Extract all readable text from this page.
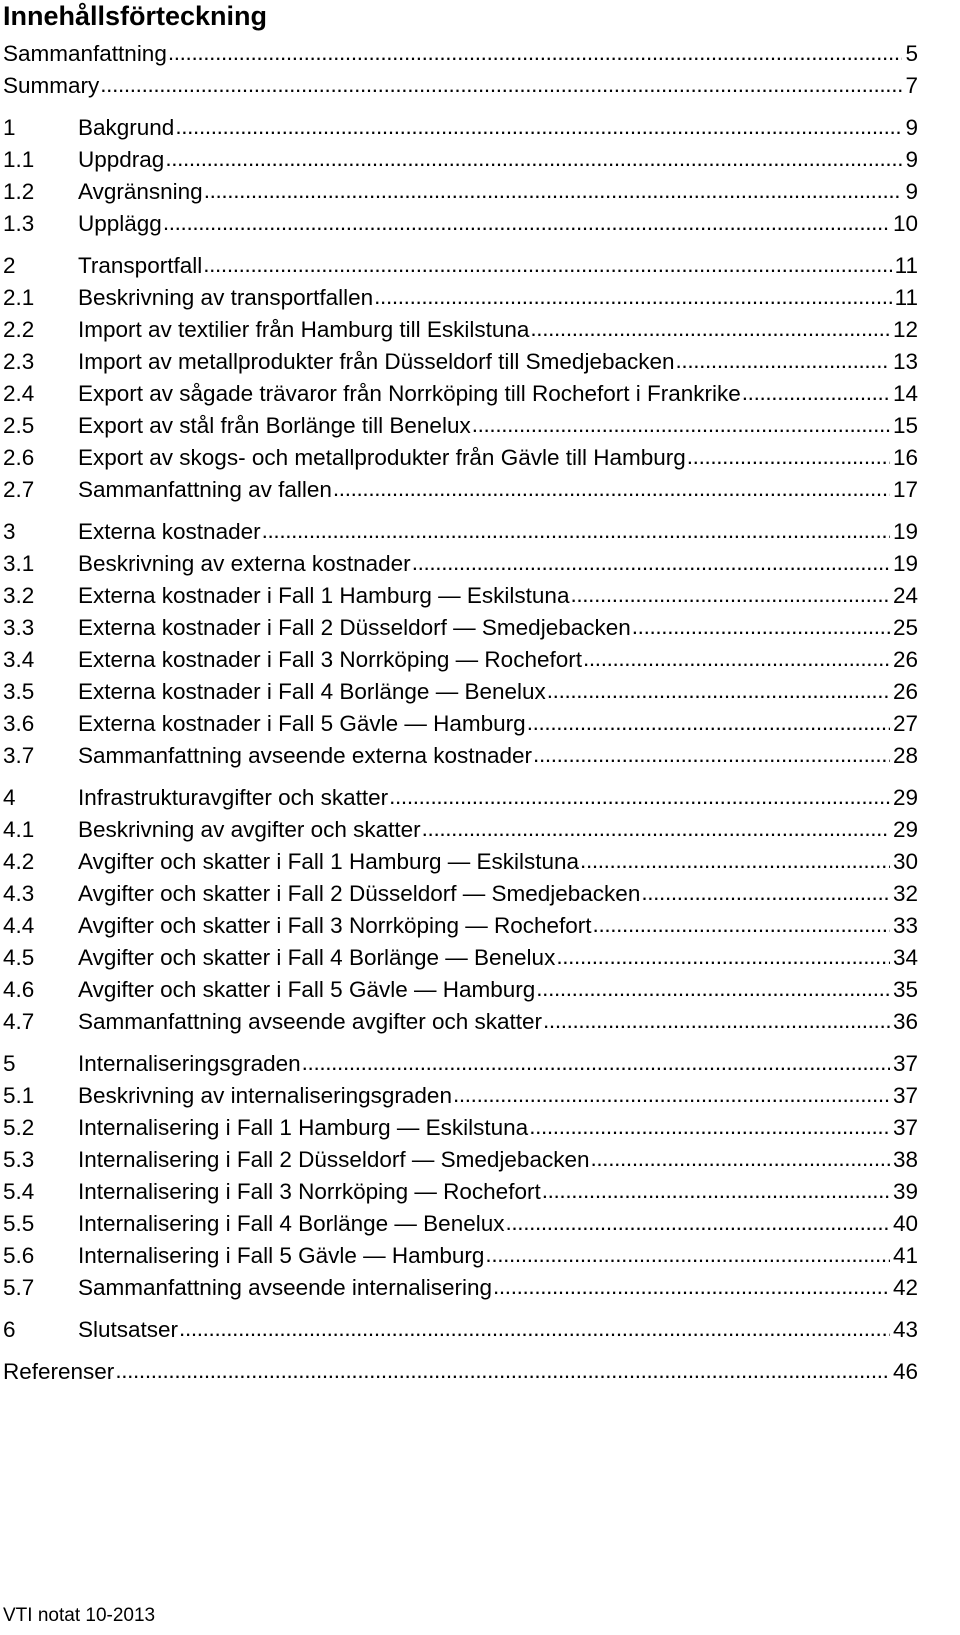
Innehållsförteckning
Sammanfattning . . .	5
Summary . . .	7
1	Bakgrund . . .	9
1.1	Uppdrag . . .	9
1.2	Avgränsning . . .	9
1.3	Upplägg . . .	10
2	Transportfall . . .	11
2.1	Beskrivning av transportfallen . . .	11
2.2	Import av textilier från Hamburg till Eskilstuna . . .	12
2.3	Import av metallprodukter från Düsseldorf till Smedjebacken . . .	13
2.4	Export av sågade trävaror från Norrköping till Rochefort i Frankrike . . .	14
2.5	Export av stål från Borlänge till Benelux . . .	15
2.6	Export av skogs- och metallprodukter från Gävle till Hamburg . . .	16
2.7	Sammanfattning av fallen . . .	17
3	Externa kostnader . . .	19
3.1	Beskrivning av externa kostnader . . .	19
3.2	Externa kostnader i Fall 1 Hamburg — Eskilstuna . . .	24
3.3	Externa kostnader i Fall 2 Düsseldorf — Smedjebacken . . .	25
3.4	Externa kostnader i Fall 3 Norrköping — Rochefort . . .	26
3.5	Externa kostnader i Fall 4 Borlänge — Benelux . . .	26
3.6	Externa kostnader i Fall 5 Gävle — Hamburg . . .	27
3.7	Sammanfattning avseende externa kostnader . . .	28
4	Infrastrukturavgifter och skatter . . .	29
4.1	Beskrivning av avgifter och skatter . . .	29
4.2	Avgifter och skatter i Fall 1 Hamburg — Eskilstuna . . .	30
4.3	Avgifter och skatter i Fall 2 Düsseldorf — Smedjebacken . . .	32
4.4	Avgifter och skatter i Fall 3 Norrköping — Rochefort . . .	33
4.5	Avgifter och skatter i Fall 4 Borlänge — Benelux . . .	34
4.6	Avgifter och skatter i Fall 5 Gävle — Hamburg . . .	35
4.7	Sammanfattning avseende avgifter och skatter . . .	36
5	Internaliseringsgraden . . .	37
5.1	Beskrivning av internaliseringsgraden . . .	37
5.2	Internalisering i Fall 1 Hamburg — Eskilstuna . . .	37
5.3	Internalisering i Fall 2 Düsseldorf — Smedjebacken . . .	38
5.4	Internalisering i Fall 3 Norrköping — Rochefort . . .	39
5.5	Internalisering i Fall 4 Borlänge — Benelux . . .	40
5.6	Internalisering i Fall 5 Gävle — Hamburg . . .	41
5.7	Sammanfattning avseende internalisering . . .	42
6	Slutsatser . . .	43
Referenser . . .	46
VTI notat 10-2013
